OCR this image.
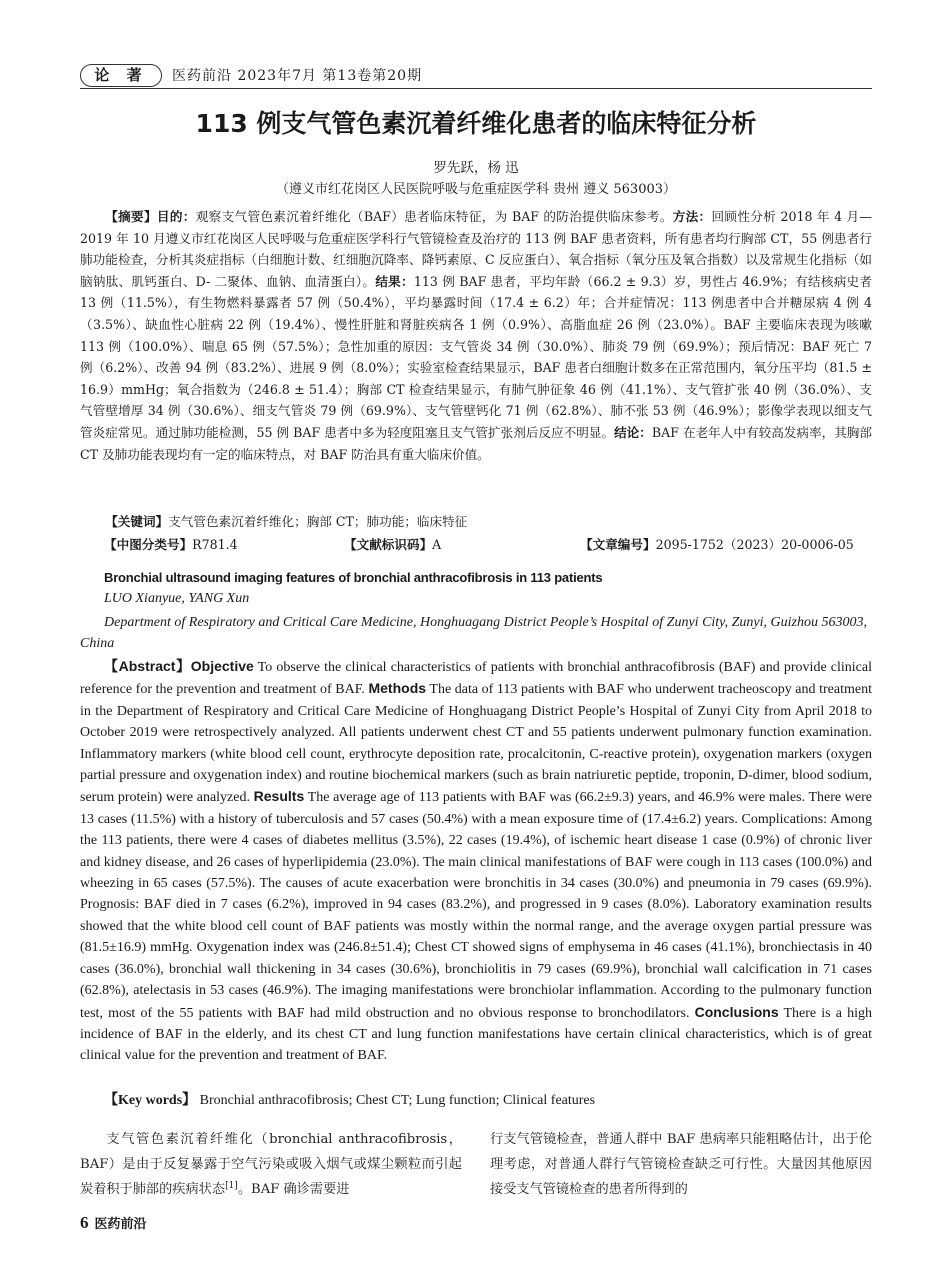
论 著	医药前沿 2023年7月 第13卷第20期
113 例支气管色素沉着纤维化患者的临床特征分析
罗先跃，杨 迅
（遵义市红花岗区人民医院呼吸与危重症医学科 贵州 遵义 563003）

【摘要】目的：观察支气管色素沉着纤维化（BAF）患者临床特征，为 BAF 的防治提供临床参考。方法：回顾性分析 2018 年 4 月—2019 年 10 月遵义市红花岗区人民呼吸与危重症医学科行气管镜检查及治疗的 113 例 BAF 患者资料，所有患者均行胸部 CT，55 例患者行肺功能检查，分析其炎症指标（白细胞计数、红细胞沉降率、降钙素原、C 反应蛋白）、氧合指标（氧分压及氧合指数）以及常规生化指标（如脑钠肽、肌钙蛋白、D- 二聚体、血钠、血清蛋白）。结果：113 例 BAF 患者，平均年龄（66.2 ± 9.3）岁，男性占 46.9%；有结核病史者 13 例（11.5%），有生物燃料暴露者 57 例（50.4%），平均暴露时间（17.4 ± 6.2）年；合并症情况：113 例患者中合并糖尿病 4 例 4（3.5%）、缺血性心脏病 22 例（19.4%）、慢性肝脏和肾脏疾病各 1 例（0.9%）、高脂血症 26 例（23.0%）。BAF 主要临床表现为咳嗽 113 例（100.0%）、喘息 65 例（57.5%）；急性加重的原因：支气管炎 34 例（30.0%）、肺炎 79 例（69.9%）；预后情况：BAF 死亡 7 例（6.2%）、改善 94 例（83.2%）、进展 9 例（8.0%）；实验室检查结果显示，BAF 患者白细胞计数多在正常范围内，氧分压平均（81.5 ± 16.9）mmHg；氧合指数为（246.8 ± 51.4）；胸部 CT 检查结果显示，有肺气肿征象 46 例（41.1%）、支气管扩张 40 例（36.0%）、支气管壁增厚 34 例（30.6%）、细支气管炎 79 例（69.9%）、支气管壁钙化 71 例（62.8%）、肺不张 53 例（46.9%）；影像学表现以细支气管炎症常见。通过肺功能检测，55 例 BAF 患者中多为轻度阻塞且支气管扩张剂后反应不明显。结论：BAF 在老年人中有较高发病率，其胸部 CT 及肺功能表现均有一定的临床特点，对 BAF 防治具有重大临床价值。

【关键词】支气管色素沉着纤维化；胸部 CT；肺功能；临床特征

【中图分类号】R781.4	【文献标识码】A	【文章编号】2095-1752（2023）20-0006-05
Bronchial ultrasound imaging features of bronchial anthracofibrosis in 113 patients
LUO Xianyue, YANG Xun

Department of Respiratory and Critical Care Medicine, Honghuagang District People’s Hospital of Zunyi City, Zunyi, Guizhou 563003, China

【Abstract】Objective To observe the clinical characteristics of patients with bronchial anthracofibrosis (BAF) and provide clinical reference for the prevention and treatment of BAF. Methods The data of 113 patients with BAF who underwent tracheoscopy and treatment in the Department of Respiratory and Critical Care Medicine of Honghuagang District People’s Hospital of Zunyi City from April 2018 to October 2019 were retrospectively analyzed. All patients underwent chest CT and 55 patients underwent pulmonary function examination. Inflammatory markers (white blood cell count, erythrocyte deposition rate, procalcitonin, C-reactive protein), oxygenation markers (oxygen partial pressure and oxygenation index) and routine biochemical markers (such as brain natriuretic peptide, troponin, D-dimer, blood sodium, serum protein) were analyzed. Results The average age of 113 patients with BAF was (66.2±9.3) years, and 46.9% were males. There were 13 cases (11.5%) with a history of tuberculosis and 57 cases (50.4%) with a mean exposure time of (17.4±6.2) years. Complications: Among the 113 patients, there were 4 cases of diabetes mellitus (3.5%), 22 cases (19.4%), of ischemic heart disease 1 case (0.9%) of chronic liver and kidney disease, and 26 cases of hyperlipidemia (23.0%). The main clinical manifestations of BAF were cough in 113 cases (100.0%) and wheezing in 65 cases (57.5%). The causes of acute exacerbation were bronchitis in 34 cases (30.0%) and pneumonia in 79 cases (69.9%). Prognosis: BAF died in 7 cases (6.2%), improved in 94 cases (83.2%), and progressed in 9 cases (8.0%). Laboratory examination results showed that the white blood cell count of BAF patients was mostly within the normal range, and the average oxygen partial pressure was (81.5±16.9) mmHg. Oxygenation index was (246.8±51.4); Chest CT showed signs of emphysema in 46 cases (41.1%), bronchiectasis in 40 cases (36.0%), bronchial wall thickening in 34 cases (30.6%), bronchiolitis in 79 cases (69.9%), bronchial wall calcification in 71 cases (62.8%), atelectasis in 53 cases (46.9%). The imaging manifestations were bronchiolar inflammation. According to the pulmonary function test, most of the 55 patients with BAF had mild obstruction and no obvious response to bronchodilators. Conclusions There is a high incidence of BAF in the elderly, and its chest CT and lung function manifestations have certain clinical characteristics, which is of great clinical value for the prevention and treatment of BAF.

【Key words】 Bronchial anthracofibrosis; Chest CT; Lung function; Clinical features

支气管色素沉着纤维化（bronchial anthracofibrosis，BAF）是由于反复暴露于空气污染或吸入烟气或煤尘颗粒而引起炭着积于肺部的疾病状态[1]。BAF 确诊需要进

行支气管镜检查，普通人群中 BAF 患病率只能粗略估计，出于伦理考虑，对普通人群行气管镜检查缺乏可行性。大量因其他原因接受支气管镜检查的患者所得到的

6 医药前沿
